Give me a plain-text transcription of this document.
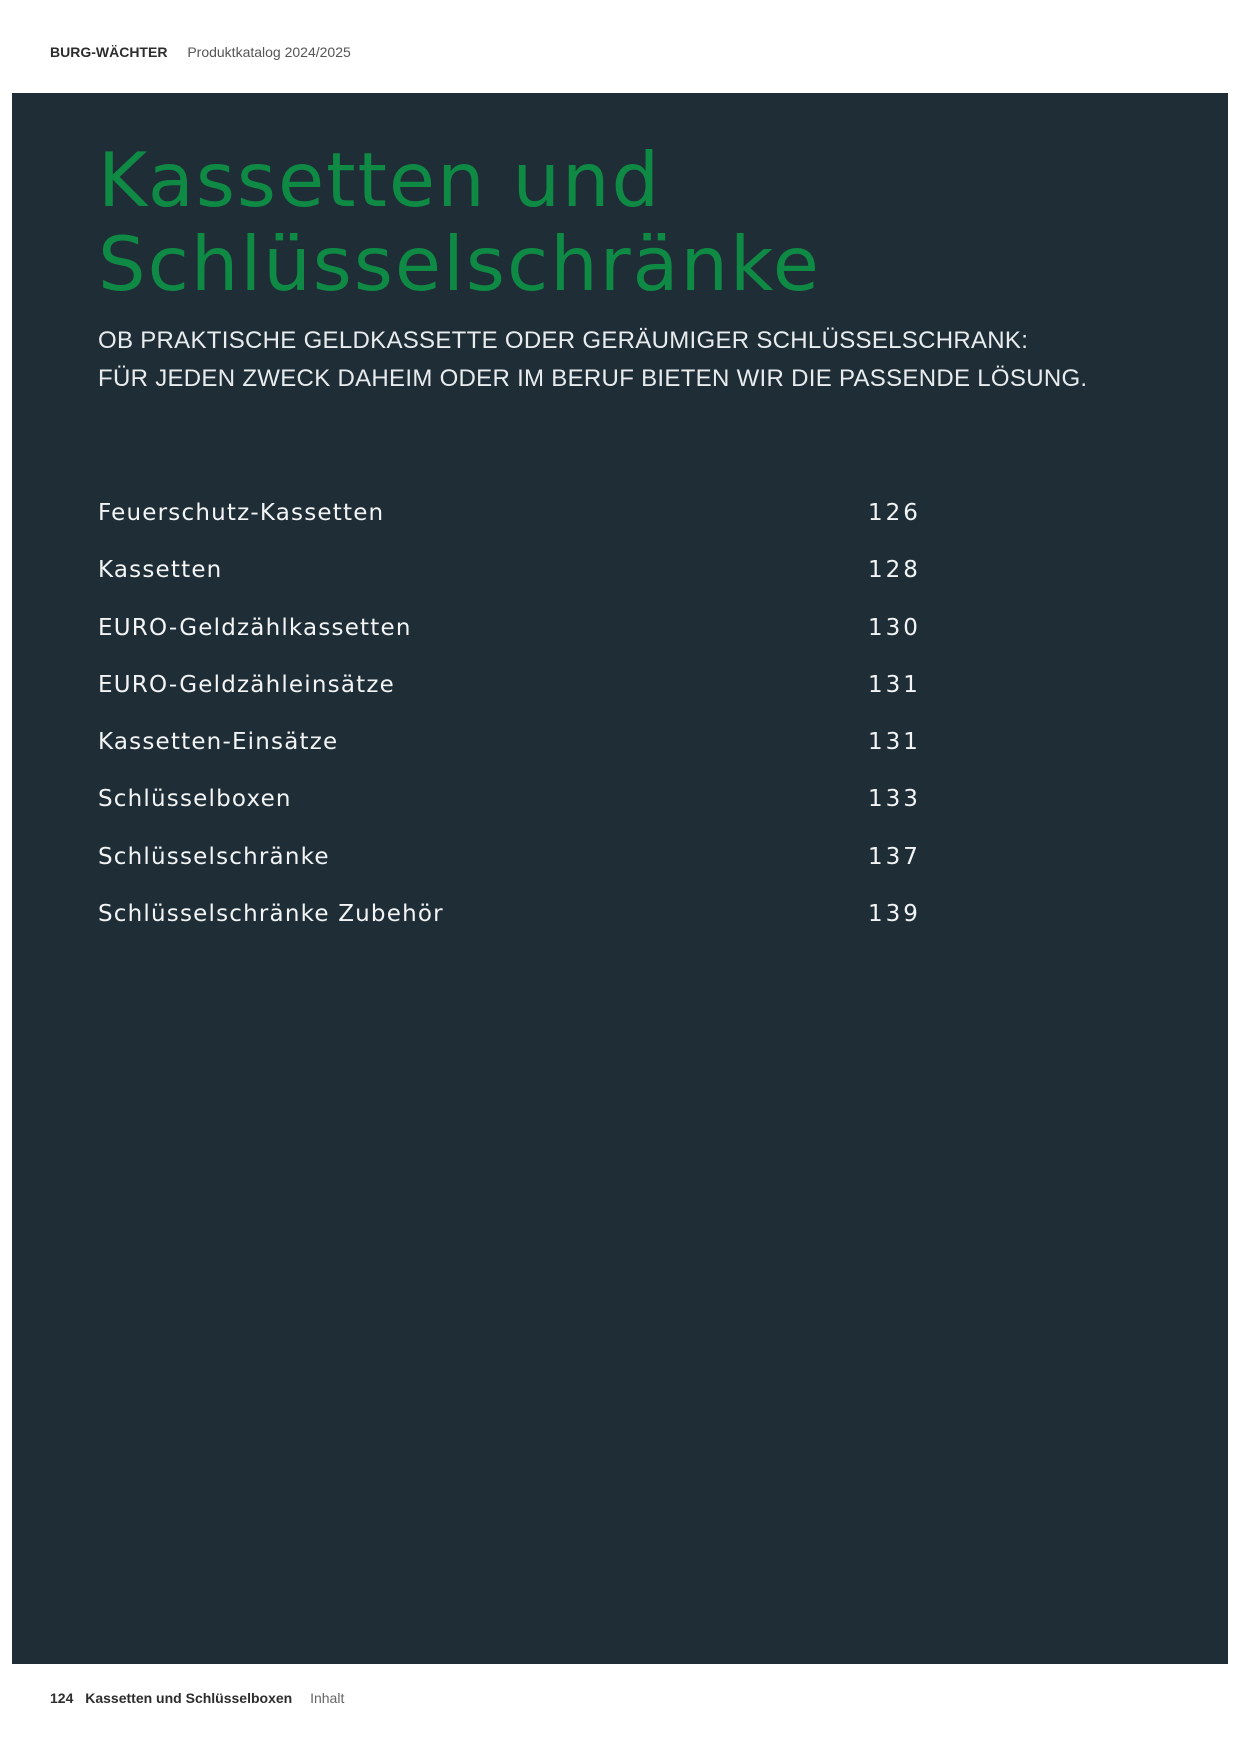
BURG-WÄCHTER Produktkatalog 2024/2025
Kassetten und
Schlüsselschränke
OB PRAKTISCHE GELDKASSETTE ODER GERÄUMIGER SCHLÜSSELSCHRANK:
FÜR JEDEN ZWECK DAHEIM ODER IM BERUF BIETEN WIR DIE PASSENDE LÖSUNG.
Feuerschutz-Kassetten	126
Kassetten	128
EURO-Geldzählkassetten	130
EURO-Geldzähleinsätze	131
Kassetten-Einsätze	131
Schlüsselboxen	133
Schlüsselschränke	137
Schlüsselschränke Zubehör	139
124 Kassetten und Schlüsselboxen Inhalt
